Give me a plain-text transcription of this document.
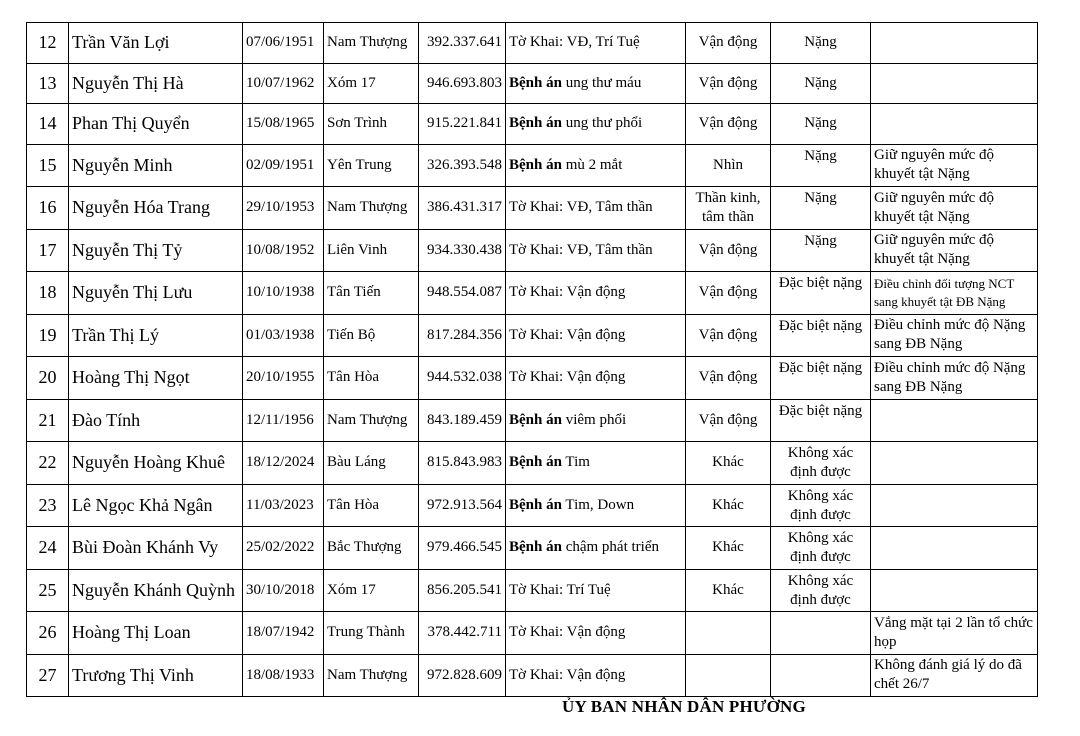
12	Trần Văn Lợi	07/06/1951	Nam Thượng	392.337.641	Tờ Khai: VĐ, Trí Tuệ	Vận động	Nặng	
13	Nguyễn Thị Hà	10/07/1962	Xóm 17	946.693.803	Bệnh án ung thư máu	Vận động	Nặng	
14	Phan Thị Quyển	15/08/1965	Sơn Trình	915.221.841	Bệnh án ung thư phổi	Vận động	Nặng	
15	Nguyễn Minh	02/09/1951	Yên Trung	326.393.548	Bệnh án mù 2 mắt	Nhìn	Nặng	Giữ nguyên mức độ khuyết tật Nặng
16	Nguyễn Hóa Trang	29/10/1953	Nam Thượng	386.431.317	Tờ Khai: VĐ, Tâm thần	Thần kinh, tâm thần	Nặng	Giữ nguyên mức độ khuyết tật Nặng
17	Nguyễn Thị Tỷ	10/08/1952	Liên Vinh	934.330.438	Tờ Khai: VĐ, Tâm thần	Vận động	Nặng	Giữ nguyên mức độ khuyết tật Nặng
18	Nguyễn Thị Lưu	10/10/1938	Tân Tiến	948.554.087	Tờ Khai: Vận động	Vận động	Đặc biệt nặng	Điều chỉnh đối tượng NCT sang khuyết tật ĐB Nặng
19	Trần Thị Lý	01/03/1938	Tiến Bộ	817.284.356	Tờ Khai: Vận động	Vận động	Đặc biệt nặng	Điều chỉnh mức độ Nặng sang ĐB Nặng
20	Hoàng Thị Ngọt	20/10/1955	Tân Hòa	944.532.038	Tờ Khai: Vận động	Vận động	Đặc biệt nặng	Điều chỉnh mức độ Nặng sang ĐB Nặng
21	Đào Tính	12/11/1956	Nam Thượng	843.189.459	Bệnh án viêm phổi	Vận động	Đặc biệt nặng	
22	Nguyễn Hoàng Khuê	18/12/2024	Bàu Láng	815.843.983	Bệnh án Tim	Khác	Không xác định được	
23	Lê Ngọc Khả Ngân	11/03/2023	Tân Hòa	972.913.564	Bệnh án Tim, Down	Khác	Không xác định được	
24	Bùi Đoàn Khánh Vy	25/02/2022	Bắc Thượng	979.466.545	Bệnh án chậm phát triển	Khác	Không xác định được	
25	Nguyễn Khánh Quỳnh	30/10/2018	Xóm 17	856.205.541	Tờ Khai: Trí Tuệ	Khác	Không xác định được	
26	Hoàng Thị Loan	18/07/1942	Trung Thành	378.442.711	Tờ Khai: Vận động			Vắng mặt tại 2 lần tổ chức họp
27	Trương Thị Vinh	18/08/1933	Nam Thượng	972.828.609	Tờ Khai: Vận động			Không đánh giá lý do đã chết 26/7
ỦY BAN NHÂN DÂN PHƯỜNG
